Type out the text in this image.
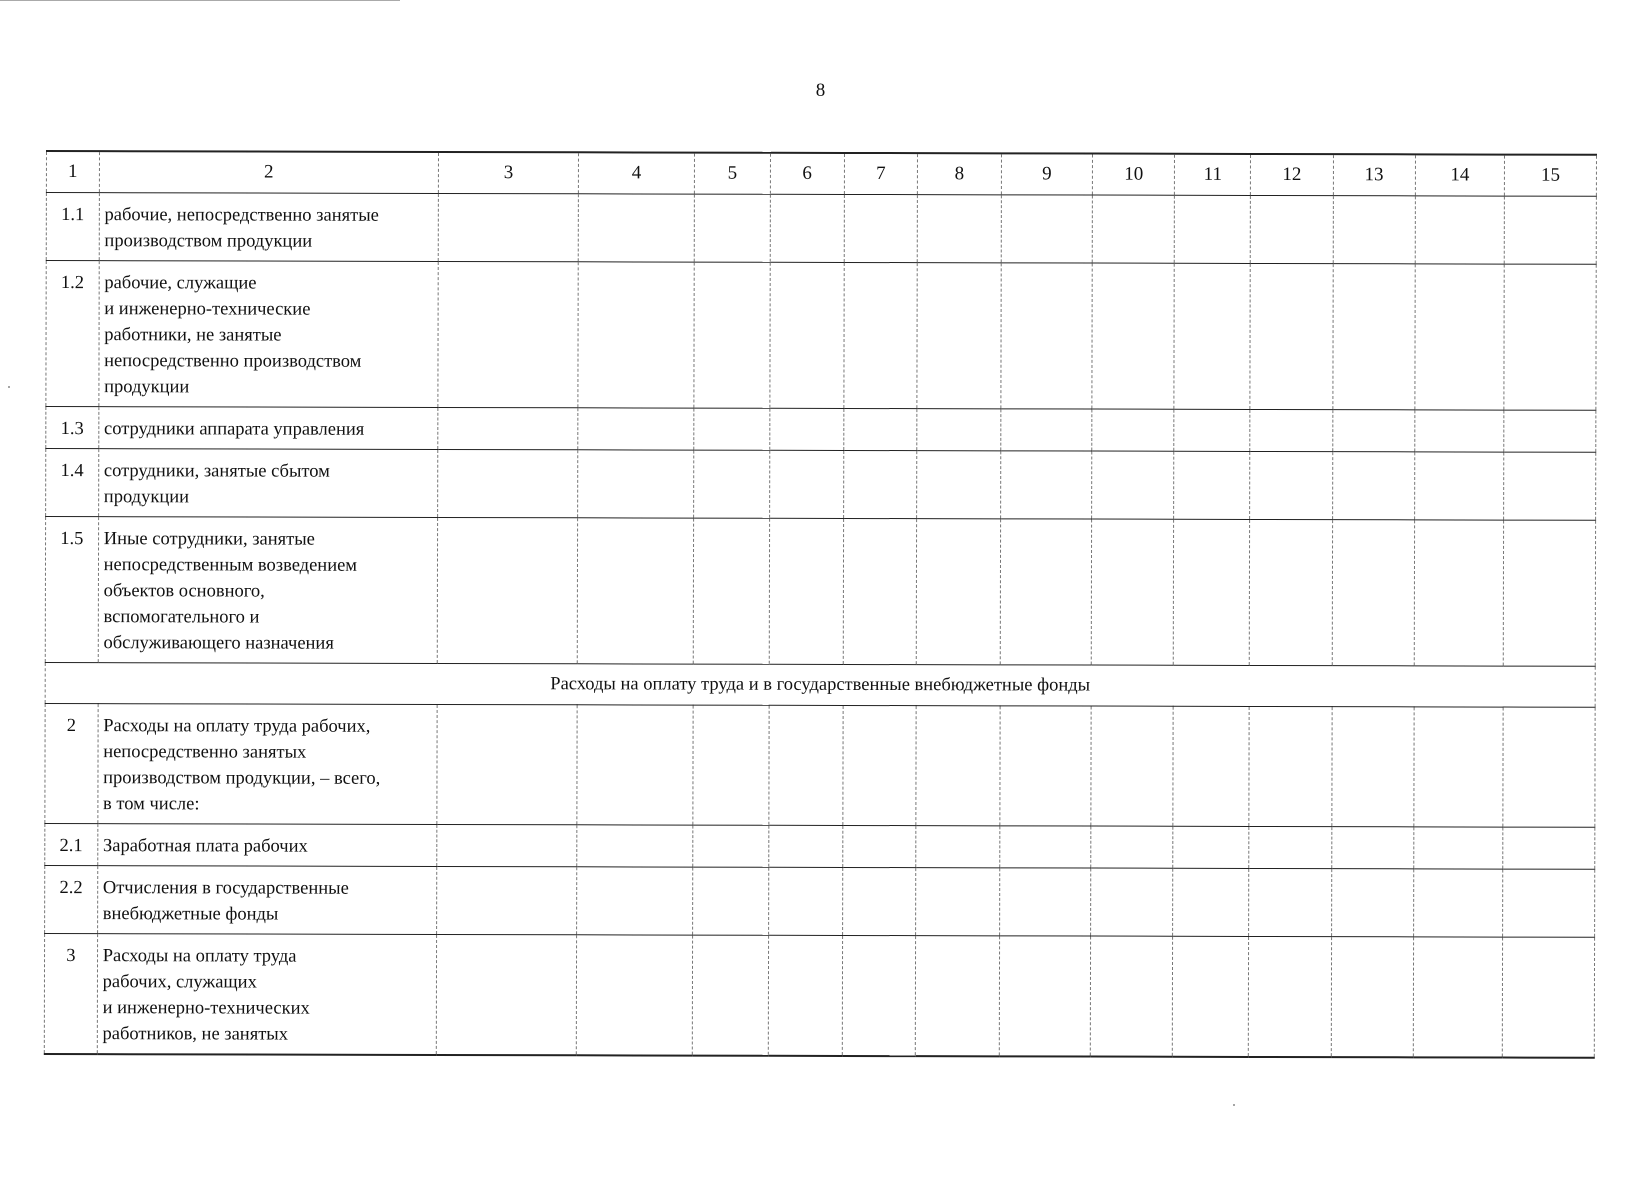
8
1	2	3	4	5	6	7	8	9	10	11	12	13	14	15
1.1	рабочие, непосредственно занятые
производством продукции													

1.2	рабочие, служащие
и инженерно-технические
работники, не занятые
непосредственно производством
продукции													

1.3	сотрудники аппарата управления													

1.4	сотрудники, занятые сбытом
продукции													

1.5	Иные сотрудники, занятые
непосредственным возведением
объектов основного,
вспомогательного и
обслуживающего назначения													

Расходы на оплату труда и в государственные внебюджетные фонды														
2	Расходы на оплату труда рабочих,
непосредственно занятых
производством продукции, – всего,
в том числе:													

2.1	Заработная плата рабочих													

2.2	Отчисления в государственные
внебюджетные фонды													

3	Расходы на оплату труда
рабочих, служащих
и инженерно-технических
работников, не занятых													
